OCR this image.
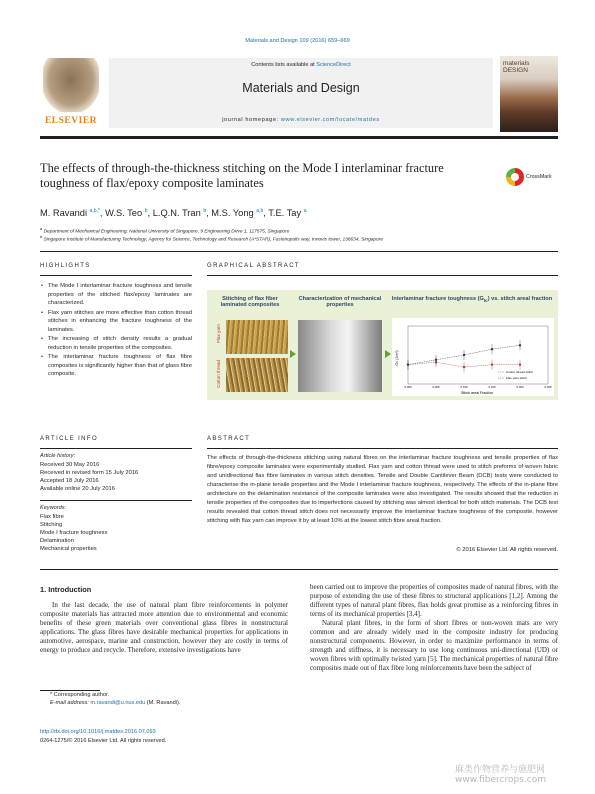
Materials and Design 109 (2016) 659–669
ELSEVIER
Contents lists available at ScienceDirect
Materials and Design
journal homepage: www.elsevier.com/locate/matdes
materials DESIGN
The effects of through-the-thickness stitching on the Mode I interlaminar fracture toughness of flax/epoxy composite laminates	CrossMark
M. Ravandi $^{a,b,*}$, W.S. Teo $^b$, L.Q.N. Tran $^b$, M.S. Yong $^{a,b}$, T.E. Tay $^a$
$^a$ Department of Mechanical Engineering, National University of Singapore, 9 Engineering Drive 1, 117575, Singapore
$^b$ Singapore Institute of Manufacturing Technology, Agency for Science, Technology and Research (A*STAR), Fusionopolis way, Innovis tower, 138634, Singapore
HIGHLIGHTS
• The Mode I interlaminar fracture toughness and tensile properties of the stitched flax/epoxy laminates are characterized.
• Flax yarn stitches are more effective than cotton thread stitches in enhancing the fracture toughness of the laminates.
• The increasing of stitch density results a gradual reduction in tensile properties of the composites.
• The interlaminar fracture toughness of flax fibre composites is significantly higher than that of glass fibre composite.
GRAPHICAL ABSTRACT
Stitching of flax fiber laminated composites
Characterization of mechanical properties
Interlaminar fracture toughness $(G_{Ic})$ vs. stitch areal fraction
Flax yarn
Cotton thread	GIc (J/m²)
Stitch areal Fraction
0.000	0.005	0.010	0.015	0.020	0.025
Cotton thread stitch
Flax yarn stitch
ARTICLE INFO
Article history:
Received 30 May 2016
Received in revised form 15 July 2016
Accepted 18 July 2016
Available online 20 July 2016
Keywords:
Flax fibre
Stitching
Mode I fracture toughness
Delamination
Mechanical properties
ABSTRACT
The effects of through-the-thickness stitching using natural fibres on the interlaminar fracture toughness and tensile properties of flax fibre/epoxy composite laminates were experimentally studied. Flax yarn and cotton thread were used to stitch preforms of woven fabric and unidirectional flax fibre laminates in various stitch densities. Tensile and Double Cantilever Beam (DCB) tests were conducted to characterise the in-plane tensile properties and the Mode I interlaminar fracture toughness, respectively. The effects of the in-plane fibre architecture on the delamination resistance of the composite laminates were also investigated. The results showed that the reduction in tensile properties of the composites due to imperfections caused by stitching was almost identical for both stitch materials. The DCB test results revealed that cotton thread stitch does not necessarily improve the interlaminar fracture toughness of the composite, however stitching with flax yarn can improve it by at least 10% at the lowest stitch fibre areal fraction.
© 2016 Elsevier Ltd. All rights reserved.
1. Introduction
In the last decade, the use of natural plant fibre reinforcements in polymer composite materials has attracted more attention due to environmental and economic benefits of these green materials over conventional glass fibres in nonstructural applications. The glass fibres have desirable mechanical properties for applications in automotive, aerospace, marine and construction, however they are costly in terms of energy to produce and recycle. Therefore, extensive investigations have

been carried out to improve the properties of composites made of natural fibres, with the purpose of extending the use of these fibres to structural applications [1,2]. Among the different types of natural plant fibres, flax holds great promise as a reinforcing fibres in terms of its mechanical properties [3,4].

Natural plant fibres, in the form of short fibres or non-woven mats are very common and are already widely used in the composite industry for producing nonstructural components. However, in order to maximize performance in terms of strength and stiffness, it is necessary to use long continuous uni-directional (UD) or woven fibres with optimally twisted yarn [5]. The mechanical properties of natural fibre composites made out of flax fibre long reinforcements have been the subject of

* Corresponding author.
E-mail address: m.ravandi@u.nus.edu (M. Ravandi).
http://dx.doi.org/10.1016/j.matdes.2016.07.093
0264-1275/© 2016 Elsevier Ltd. All rights reserved.
麻类作物营养与施肥网 www.fibercrops.com
